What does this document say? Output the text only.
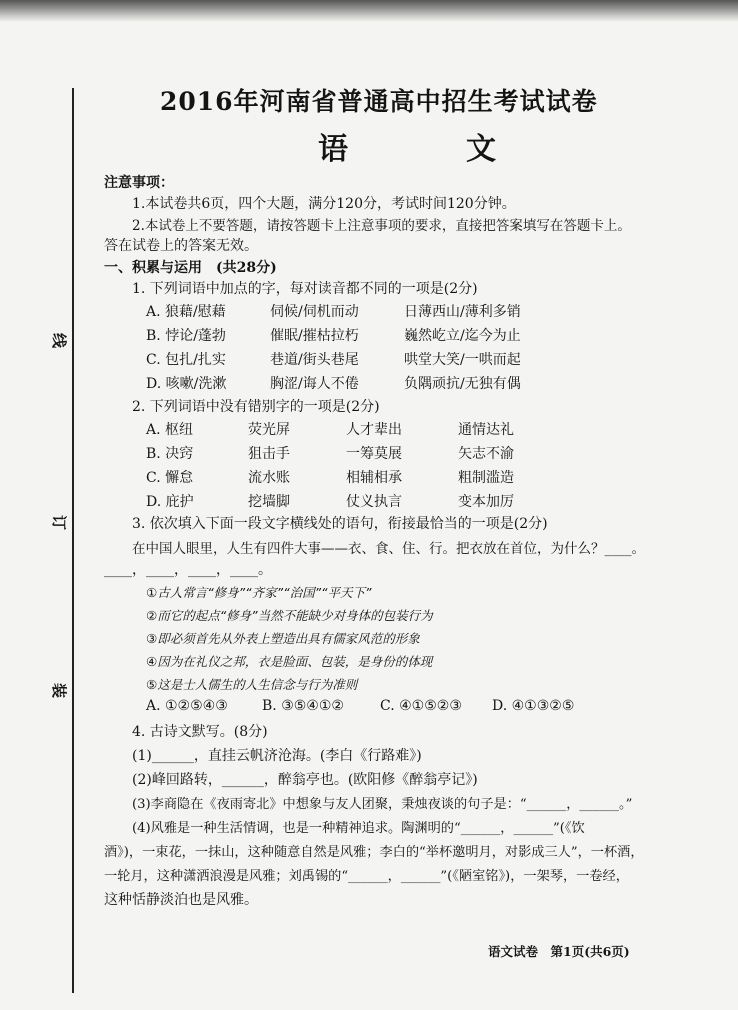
线
订
装
2016年河南省普通高中招生考试试卷
语　文
注意事项：
1.本试卷共6页，四个大题，满分120分，考试时间120分钟。
2.本试卷上不要答题，请按答题卡上注意事项的要求，直接把答案填写在答题卡上。
答在试卷上的答案无效。
一、积累与运用　(共28分)
1. 下列词语中加点的字，每对读音都不同的一项是(2分)
A. 狼藉/慰藉	伺候/伺机而动	日薄西山/薄利多销
B. 悖论/蓬勃	催眠/摧枯拉朽	巍然屹立/迄今为止
C. 包扎/扎实	巷道/街头巷尾	哄堂大笑/一哄而起
D. 咳嗽/洗漱	胸涩/诲人不倦	负隅顽抗/无独有偶
2. 下列词语中没有错别字的一项是(2分)
A. 枢纽	荧光屏	人才辈出	通情达礼
B. 决窍	狙击手	一筹莫展	矢志不渝
C. 懈怠	流水账	相辅相承	粗制滥造
D. 庇护	挖墙脚	仗义执言	变本加厉
3. 依次填入下面一段文字横线处的语句，衔接最恰当的一项是(2分)
在中国人眼里，人生有四件大事——衣、食、住、行。把衣放在首位，为什么？____。
____，____，____，____。
①古人常言“修身”“齐家”“治国”“平天下”
②而它的起点“修身”当然不能缺少对身体的包装行为
③即必须首先从外表上塑造出具有儒家风范的形象
④因为在礼仪之邦，衣是脸面、包装，是身份的体现
⑤这是士人儒生的人生信念与行为准则
A. ①②⑤④③ B. ③⑤④①②	C. ④①⑤②③ D. ④①③②⑤
4. 古诗文默写。(8分)
(1)______，直挂云帆济沧海。(李白《行路难》)
(2)峰回路转，______，醉翁亭也。(欧阳修《醉翁亭记》)
(3)李商隐在《夜雨寄北》中想象与友人团聚，秉烛夜谈的句子是：“______，______。”
(4)风雅是一种生活情调，也是一种精神追求。陶渊明的“______，______”(《饮
酒》)，一束花，一抹山，这种随意自然是风雅；李白的“举杯邀明月，对影成三人”，一杯酒，
一轮月，这种潇洒浪漫是风雅；刘禹锡的“______，______”(《陋室铭》)，一架琴，一卷经，
这种恬静淡泊也是风雅。
语文试卷　第1页(共6页)
